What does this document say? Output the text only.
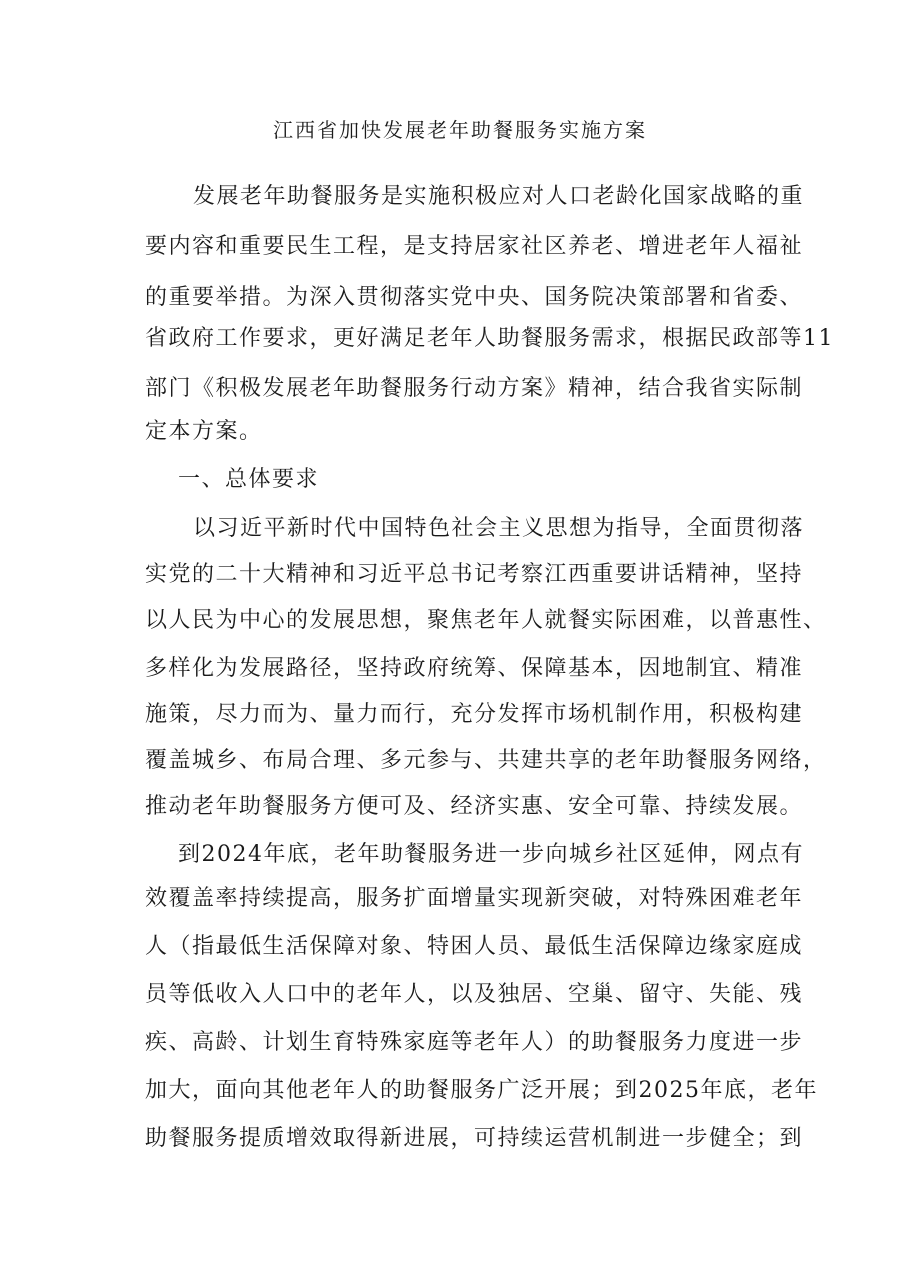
江西省加快发展老年助餐服务实施方案
发展老年助餐服务是实施积极应对人口老龄化国家战略的重
要内容和重要民生工程，是支持居家社区养老、增进老年人福祉
的重要举措。为深入贯彻落实党中央、国务院决策部署和省委、
省政府工作要求，更好满足老年人助餐服务需求，根据民政部等11
部门《积极发展老年助餐服务行动方案》精神，结合我省实际制
定本方案。
一、总体要求
以习近平新时代中国特色社会主义思想为指导，全面贯彻落
实党的二十大精神和习近平总书记考察江西重要讲话精神，坚持
以人民为中心的发展思想，聚焦老年人就餐实际困难，以普惠性、
多样化为发展路径，坚持政府统筹、保障基本，因地制宜、精准
施策，尽力而为、量力而行，充分发挥市场机制作用，积极构建
覆盖城乡、布局合理、多元参与、共建共享的老年助餐服务网络，
推动老年助餐服务方便可及、经济实惠、安全可靠、持续发展。
到2024年底，老年助餐服务进一步向城乡社区延伸，网点有
效覆盖率持续提高，服务扩面增量实现新突破，对特殊困难老年
人（指最低生活保障对象、特困人员、最低生活保障边缘家庭成
员等低收入人口中的老年人，以及独居、空巢、留守、失能、残
疾、高龄、计划生育特殊家庭等老年人）的助餐服务力度进一步
加大，面向其他老年人的助餐服务广泛开展；到2025年底，老年
助餐服务提质增效取得新进展，可持续运营机制进一步健全；到
